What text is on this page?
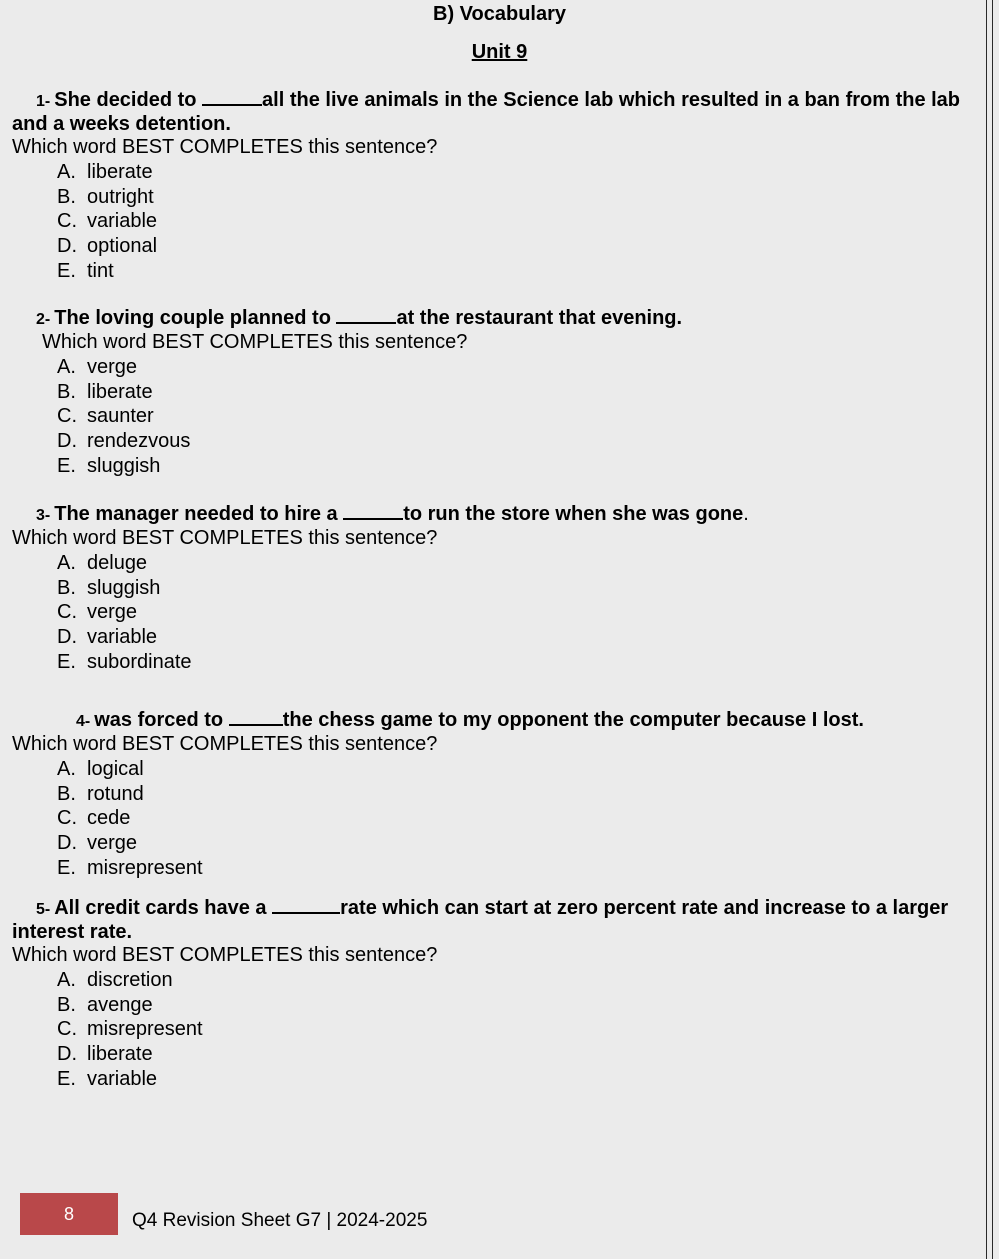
B) Vocabulary
Unit 9
1- She decided to	all the live animals in the Science lab which resulted in a ban from the lab and a weeks detention.
Which word BEST COMPLETES this sentence?
A. liberate
B. outright
C. variable
D. optional
E. tint
2- The loving couple planned to	at the restaurant that evening.
Which word BEST COMPLETES this sentence?
A. verge
B. liberate
C. saunter
D. rendezvous
E. sluggish
3- The manager needed to hire a	to run the store when she was gone.
Which word BEST COMPLETES this sentence?
A. deluge
B. sluggish
C. verge
D. variable
E. subordinate
4- was forced to	the chess game to my opponent the computer because I lost.
Which word BEST COMPLETES this sentence?
A. logical
B. rotund
C. cede
D. verge
E. misrepresent
5- All credit cards have a	rate which can start at zero percent rate and increase to a larger interest rate.
Which word BEST COMPLETES this sentence?
A. discretion
B. avenge
C. misrepresent
D. liberate
E. variable
8	Q4 Revision Sheet G7 | 2024-2025
